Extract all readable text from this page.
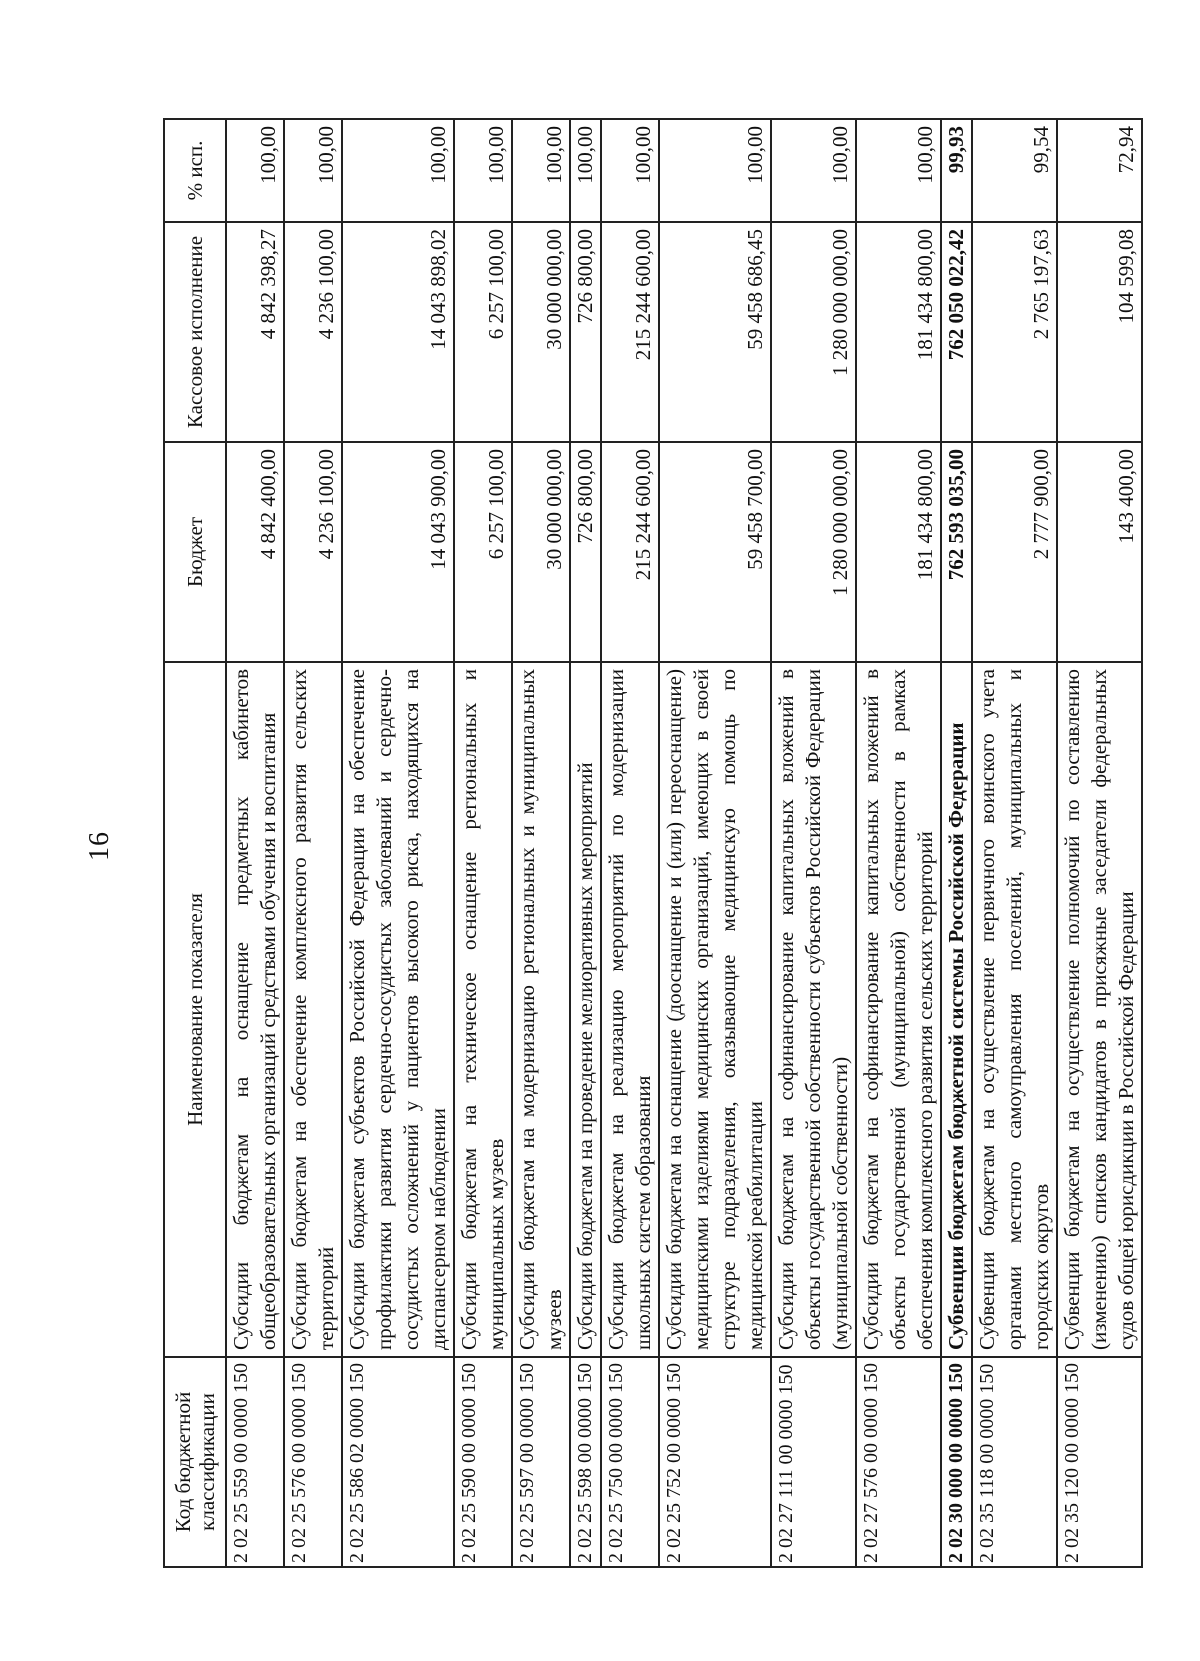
16
Код бюджетной классификации	Наименование показателя	Бюджет	Кассовое исполнение	% исп.
2 02 25 559 00 0000 150	Субсидии бюджетам на оснащение предметных кабинетов общеобразовательных организаций средствами обучения и воспитания	4 842 400,00	4 842 398,27	100,00
2 02 25 576 00 0000 150	Субсидии бюджетам на обеспечение комплексного развития сельских территорий	4 236 100,00	4 236 100,00	100,00
2 02 25 586 02 0000 150	Субсидии бюджетам субъектов Российской Федерации на обеспечение профилактики развития сердечно-сосудистых заболеваний и сердечно-сосудистых осложнений у пациентов высокого риска, находящихся на диспансерном наблюдении	14 043 900,00	14 043 898,02	100,00
2 02 25 590 00 0000 150	Субсидии бюджетам на техническое оснащение региональных и муниципальных музеев	6 257 100,00	6 257 100,00	100,00
2 02 25 597 00 0000 150	Субсидии бюджетам на модернизацию региональных и муниципальных музеев	30 000 000,00	30 000 000,00	100,00
2 02 25 598 00 0000 150	Субсидии бюджетам на проведение мелиоративных мероприятий	726 800,00	726 800,00	100,00
2 02 25 750 00 0000 150	Субсидии бюджетам на реализацию мероприятий по модернизации школьных систем образования	215 244 600,00	215 244 600,00	100,00
2 02 25 752 00 0000 150	Субсидии бюджетам на оснащение (дооснащение и (или) переоснащение) медицинскими изделиями медицинских организаций, имеющих в своей структуре подразделения, оказывающие медицинскую помощь по медицинской реабилитации	59 458 700,00	59 458 686,45	100,00
2 02 27 111 00 0000 150	Субсидии бюджетам на софинансирование капитальных вложений в объекты государственной собственности субъектов Российской Федерации (муниципальной собственности)	1 280 000 000,00	1 280 000 000,00	100,00
2 02 27 576 00 0000 150	Субсидии бюджетам на софинансирование капитальных вложений в объекты государственной (муниципальной) собственности в рамках обеспечения комплексного развития сельских территорий	181 434 800,00	181 434 800,00	100,00
2 02 30 000 00 0000 150	Субвенции бюджетам бюджетной системы Российской Федерации	762 593 035,00	762 050 022,42	99,93
2 02 35 118 00 0000 150	Субвенции бюджетам на осуществление первичного воинского учета органами местного самоуправления поселений, муниципальных и городских округов	2 777 900,00	2 765 197,63	99,54
2 02 35 120 00 0000 150	Субвенции бюджетам на осуществление полномочий по составлению (изменению) списков кандидатов в присяжные заседатели федеральных судов общей юрисдикции в Российской Федерации	143 400,00	104 599,08	72,94
